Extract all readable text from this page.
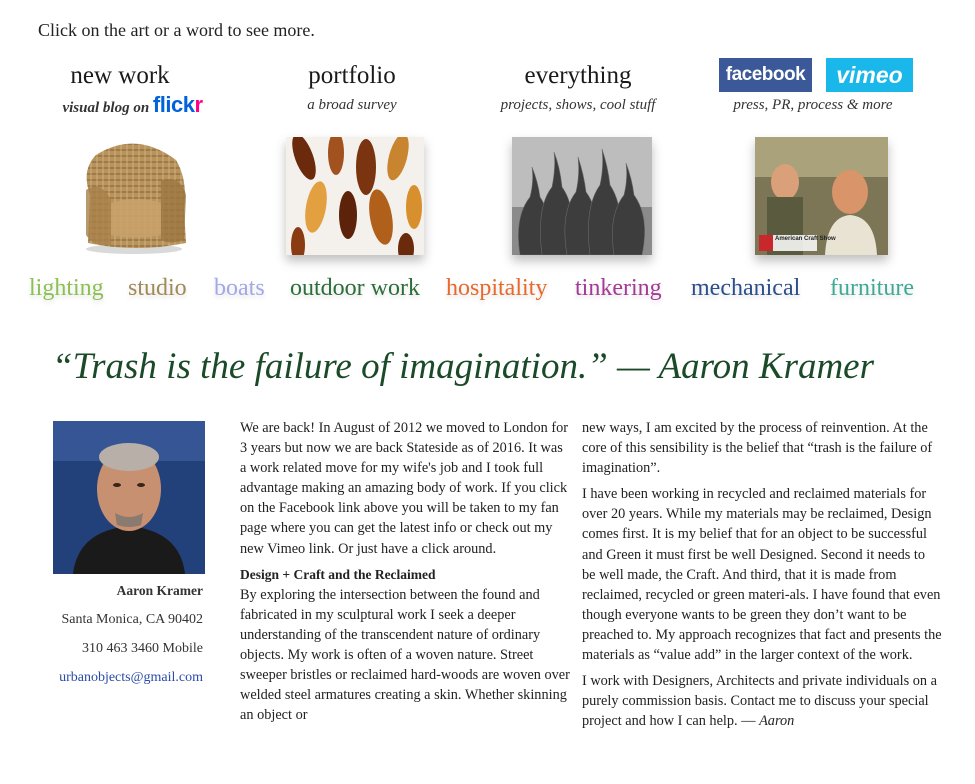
Click on the art or a word to see more.
new work
visual blog on flickr
portfolio
a broad survey
everything
projects, shows, cool stuff
facebook	vimeo
press, PR, process & more
American Craft Show
lighting studio boats outdoor work hospitality tinkering mechanical furniture
“Trash is the failure of imagination.” — Aaron Kramer
Aaron Kramer
Santa Monica, CA 90402
310 463 3460 Mobile
urbanobjects@gmail.com

We are back! In August of 2012 we moved to London for 3 years but now we are back Stateside as of 2016. It was a work related move for my wife's job and I took full advantage making an amazing body of work. If you click on the Facebook link above you will be taken to my fan page where you can get the latest info or check out my new Vimeo link. Or just have a click around.

Design + Craft and the Reclaimed

By exploring the intersection between the found and fabricated in my sculptural work I seek a deeper understanding of the transcendent nature of ordinary objects. My work is often of a woven nature. Street sweeper bristles or reclaimed hard-woods are woven over welded steel armatures creating a skin. Whether skinning an object or

new ways, I am excited by the process of reinvention. At the core of this sensibility is the belief that “trash is the failure of imagination”.

I have been working in recycled and reclaimed materials for over 20 years. While my materials may be reclaimed, Design comes first. It is my belief that for an object to be successful and Green it must first be well Designed. Second it needs to be well made, the Craft. And third, that it is made from reclaimed, recycled or green materi-als. I have found that even though everyone wants to be green they don’t want to be preached to. My approach recognizes that fact and presents the materials as “value add” in the larger context of the work.

I work with Designers, Architects and private individuals on a purely commission basis. Contact me to discuss your special project and how I can help. — Aaron
